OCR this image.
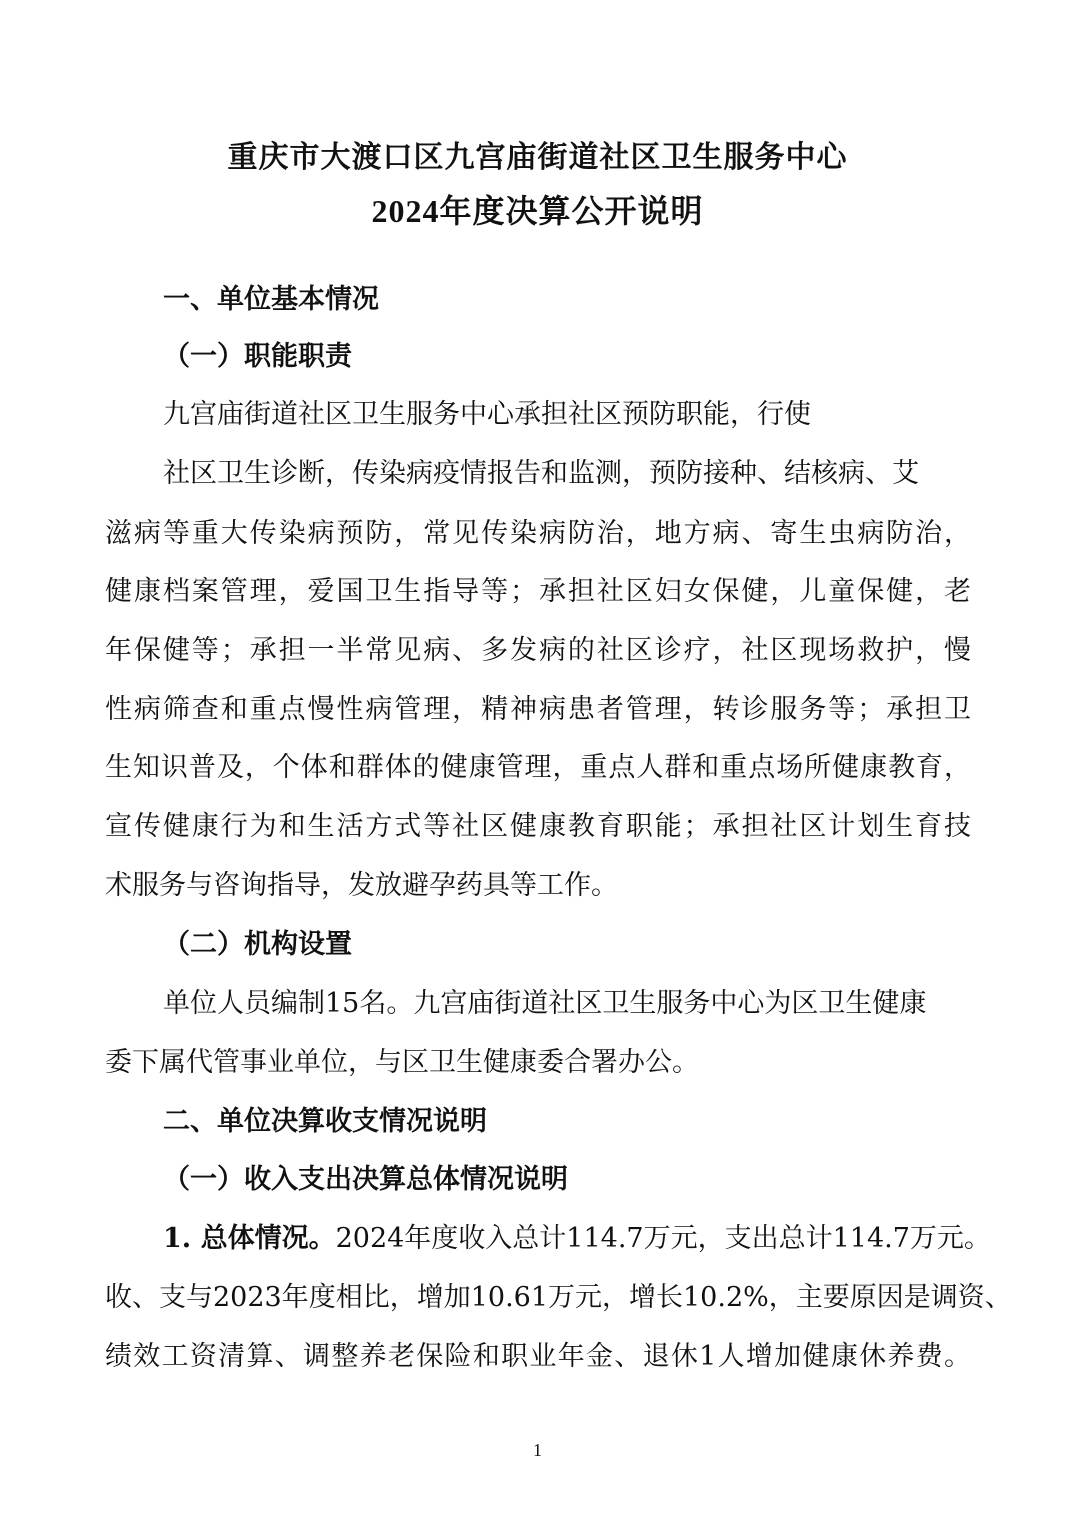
重庆市大渡口区九宫庙街道社区卫生服务中心
2024年度决算公开说明
一、单位基本情况
（一）职能职责
九宫庙街道社区卫生服务中心承担社区预防职能，行使
社区卫生诊断，传染病疫情报告和监测，预防接种、结核病、艾
滋病等重大传染病预防，常见传染病防治，地方病、寄生虫病防治，
健康档案管理，爱国卫生指导等；承担社区妇女保健，儿童保健，老
年保健等；承担一半常见病、多发病的社区诊疗，社区现场救护，慢
性病筛查和重点慢性病管理，精神病患者管理，转诊服务等；承担卫
生知识普及，个体和群体的健康管理，重点人群和重点场所健康教育，
宣传健康行为和生活方式等社区健康教育职能；承担社区计划生育技
术服务与咨询指导，发放避孕药具等工作。
（二）机构设置
单位人员编制15名。九宫庙街道社区卫生服务中心为区卫生健康
委下属代管事业单位，与区卫生健康委合署办公。
二、单位决算收支情况说明
（一）收入支出决算总体情况说明
1. 总体情况。2024年度收入总计114.7万元，支出总计114.7万元。
收、支与2023年度相比，增加10.61万元，增长10.2%，主要原因是调资、
绩效工资清算、调整养老保险和职业年金、退休1人增加健康休养费。
1
